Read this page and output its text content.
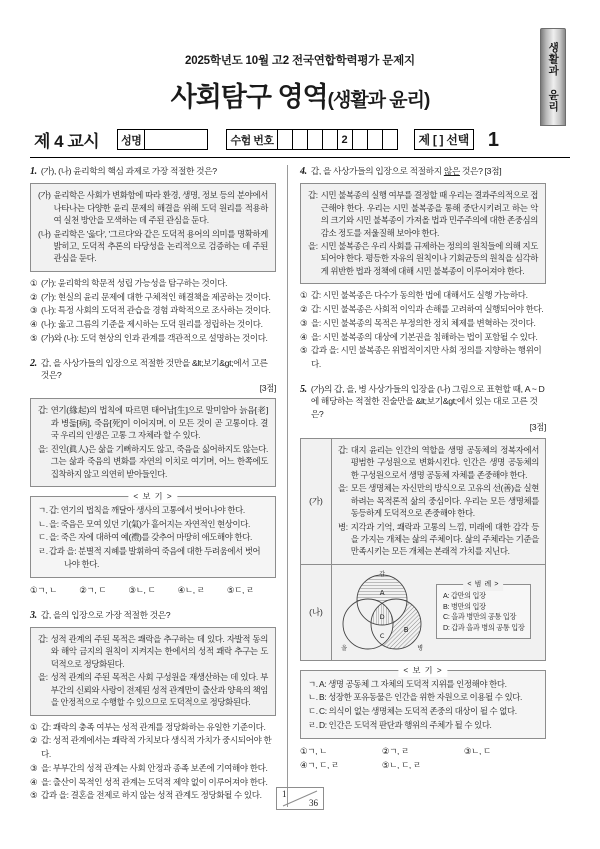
2025학년도 10월 고2 전국연합학력평가 문제지
사회탐구 영역(생활과 윤리)
제 4 교시 성명	수험 번호	2	제 [ ] 선택 1
1. (가), (나) 윤리학의 핵심 과제로 가장 적절한 것은?
(가) 윤리학은 사회가 변화함에 따라 환경, 생명, 정보 등의 분야에서 나타나는 다양한 윤리 문제의 해결을 위해 도덕 원리를 적용하여 실천 방안을 모색하는 데 주된 관심을 둔다.
(나) 윤리학은 '옳다', '그르다'와 같은 도덕적 용어의 의미를 명확하게 밝히고, 도덕적 추론의 타당성을 논리적으로 검증하는 데 주된 관심을 둔다.
① (가): 윤리학의 학문적 성립 가능성을 탐구하는 것이다.
② (가): 현실의 윤리 문제에 대한 구체적인 해결책을 제공하는 것이다.
③ (나): 특정 사회의 도덕적 관습을 경험 과학적으로 조사하는 것이다.
④ (나): 옳고 그름의 기준을 제시하는 도덕 원리를 정립하는 것이다.
⑤ (가)와 (나): 도덕 현상의 인과 관계를 객관적으로 설명하는 것이다.
2. 갑, 을 사상가들의 입장으로 적절한 것만을 &lt;보기&gt;에서 고른 것은?
[3점]
갑: 연기(緣起)의 법칙에 따르면 태어남[生]으로 말미암아 늙음[老]과 병듦[病], 죽음[死]이 이어지며, 이 모든 것이 곧 고통이다. 결국 우리의 인생은 고통 그 자체라 할 수 있다.
을: 진인(眞人)은 삶을 기뻐하지도 않고, 죽음을 싫어하지도 않는다. 그는 삶과 죽음의 변화를 자연의 이치로 여기며, 어느 한쪽에도 집착하지 않고 의연히 받아들인다.
< 보 기 >
ㄱ. 갑: 연기의 법칙을 깨달아 생사의 고통에서 벗어나야 한다.
ㄴ. 을: 죽음은 모여 있던 기(氣)가 흩어지는 자연적인 현상이다.
ㄷ. 을: 죽은 자에 대하여 예(禮)를 갖추어 마땅히 애도해야 한다.
ㄹ. 갑과 을: 분별적 지혜를 발휘하여 죽음에 대한 두려움에서 벗어
나야 한다.
①ㄱ, ㄴ	②ㄱ, ㄷ	③ㄴ, ㄷ	④ㄴ, ㄹ	⑤ㄷ, ㄹ
3. 갑, 을의 입장으로 가장 적절한 것은?
갑: 성적 관계의 주된 목적은 쾌락을 추구하는 데 있다. 자발적 동의와 해악 금지의 원칙이 지켜지는 한에서의 성적 쾌락 추구는 도덕적으로 정당화된다.
을: 성적 관계의 주된 목적은 사회 구성원을 재생산하는 데 있다. 부부간의 신뢰와 사랑이 전제된 성적 관계만이 출산과 양육의 책임을 안정적으로 수행할 수 있으므로 도덕적으로 정당화된다.
① 갑: 쾌락의 충족 여부는 성적 관계를 정당화하는 유일한 기준이다.
② 갑: 성적 관계에서는 쾌락적 가치보다 생식적 가치가 중시되어야 한다.
③ 을: 부부간의 성적 관계는 사회 안정과 종족 보존에 기여해야 한다.
④ 을: 출산이 목적인 성적 관계는 도덕적 제약 없이 이루어져야 한다.
⑤ 갑과 을: 결혼을 전제로 하지 않는 성적 관계도 정당화될 수 있다.
4. 갑, 을 사상가들의 입장으로 적절하지 않은 것은? [3점]
갑: 시민 불복종의 실행 여부를 결정할 때 우리는 결과주의적으로 접근해야 한다. 우리는 시민 불복종을 통해 중단시키려고 하는 악의 크기와 시민 불복종이 가져올 법과 민주주의에 대한 존중심의 감소 정도를 저울질해 보아야 한다.
을: 시민 불복종은 우리 사회를 규제하는 정의의 원칙들에 의해 지도되어야 한다. 평등한 자유의 원칙이나 기회균등의 원칙을 심각하게 위반한 법과 정책에 대해 시민 불복종이 이루어져야 한다.
① 갑: 시민 불복종은 다수가 동의한 법에 대해서도 실행 가능하다.
② 갑: 시민 불복종은 사회적 이익과 손해를 고려하여 실행되어야 한다.
③ 을: 시민 불복종의 목적은 부정의한 정치 체제를 변혁하는 것이다.
④ 을: 시민 불복종의 대상에 기본권을 침해하는 법이 포함될 수 있다.
⑤ 갑과 을: 시민 불복종은 위법적이지만 사회 정의를 지향하는 행위이다.
5. (가)의 갑, 을, 병 사상가들의 입장을 (나) 그림으로 표현할 때, A ~ D에 해당하는 적절한 진술만을 &lt;보기&gt;에서 있는 대로 고른 것은?
[3점]
(가)
갑: 대지 윤리는 인간의 역할을 생명 공동체의 정복자에서 평범한 구성원으로 변화시킨다. 인간은 생명 공동체의 한 구성원으로서 생명 공동체 자체를 존중해야 한다.
을: 모든 생명체는 자신만의 방식으로 고유의 선(善)을 실현하려는 목적론적 삶의 중심이다. 우리는 모든 생명체를 동등하게 도덕적으로 존중해야 한다.
병: 지각과 기억, 쾌락과 고통의 느낌, 미래에 대한 감각 등을 가지는 개체는 삶의 주체이다. 삶의 주체라는 기준을 만족시키는 모든 개체는 본래적 가치를 지닌다.
(나)
갑
을	병
A
B
C
D
< 범 례 >
A: 갑만의 입장
B: 병만의 입장
C: 을과 병만의 공통 입장
D: 갑과 을과 병의 공통 입장
< 보 기 >
ㄱ. A: 생명 공동체 그 자체의 도덕적 지위를 인정해야 한다.
ㄴ. B: 성장한 포유동물은 인간을 위한 자원으로 이용될 수 있다.
ㄷ. C: 의식이 없는 생명체는 도덕적 존중의 대상이 될 수 없다.
ㄹ. D: 인간은 도덕적 판단과 행위의 주체가 될 수 있다.
①ㄱ, ㄴ	②ㄱ, ㄹ	③ㄴ, ㄷ
④ㄱ, ㄷ, ㄹ	⑤ㄴ, ㄷ, ㄹ
1
36
생활과 윤리
